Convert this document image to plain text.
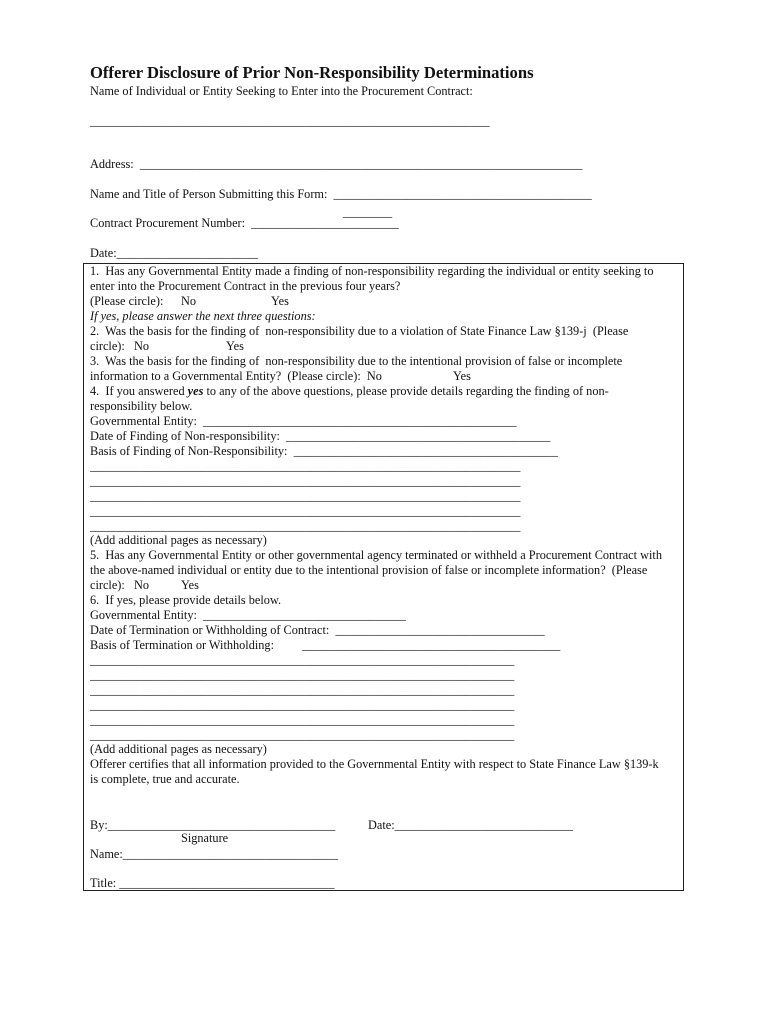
Offerer Disclosure of Prior Non-Responsibility Determinations
Name of Individual or Entity Seeking to Enter into the Procurement Contract:
_________________________________________________________________
Address:  ________________________________________________________________________
Name and Title of Person Submitting this Form:  __________________________________________
________
Contract Procurement Number:  ________________________
Date:_______________________
1.  Has any Governmental Entity made a finding of non-responsibility regarding the individual or entity seeking to
enter into the Procurement Contract in the previous four years?
(Please circle): No	Yes
If yes, please answer the next three questions:
2.  Was the basis for the finding of  non-responsibility due to a violation of State Finance Law §139-j  (Please
circle):   No	Yes
3.  Was the basis for the finding of  non-responsibility due to the intentional provision of false or incomplete
information to a Governmental Entity?  (Please circle):  No	Yes
4.  If you answered yes to any of the above questions, please provide details regarding the finding of non-
responsibility below.
Governmental Entity:  ___________________________________________________
Date of Finding of Non-responsibility:  ___________________________________________
Basis of Finding of Non-Responsibility:  ___________________________________________
______________________________________________________________________
______________________________________________________________________
______________________________________________________________________
______________________________________________________________________
______________________________________________________________________
(Add additional pages as necessary)
5.  Has any Governmental Entity or other governmental agency terminated or withheld a Procurement Contract with
the above-named individual or entity due to the intentional provision of false or incomplete information?  (Please
circle):   No	Yes
6.  If yes, please provide details below.
Governmental Entity:  _________________________________
Date of Termination or Withholding of Contract:  __________________________________
Basis of Termination or Withholding: __________________________________________
_____________________________________________________________________
_____________________________________________________________________
_____________________________________________________________________
_____________________________________________________________________
_____________________________________________________________________
_____________________________________________________________________
(Add additional pages as necessary)
Offerer certifies that all information provided to the Governmental Entity with respect to State Finance Law §139-k
is complete, true and accurate.
By:_____________________________________	Date:_____________________________
Signature
Name:___________________________________
Title: ___________________________________
